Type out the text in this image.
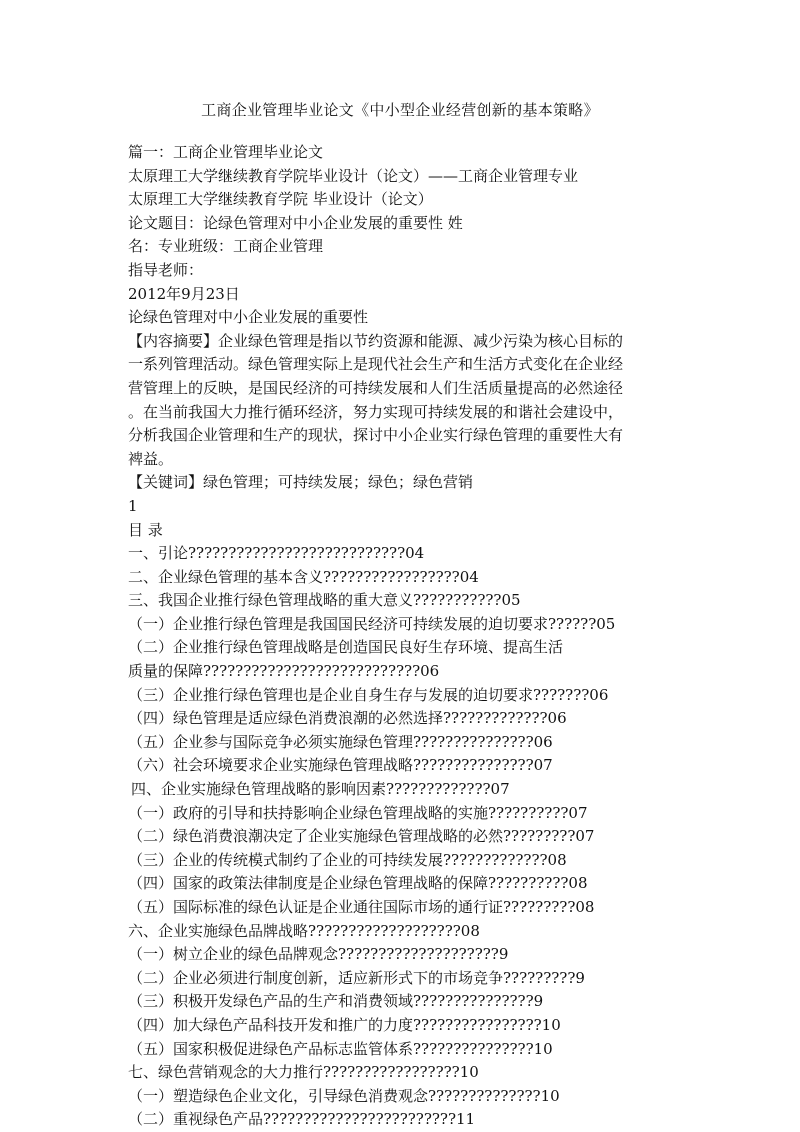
工商企业管理毕业论文《中小型企业经营创新的基本策略》
篇一：工商企业管理毕业论文
太原理工大学继续教育学院毕业设计（论文）——工商企业管理专业
太原理工大学继续教育学院 毕业设计（论文）
论文题目：论绿色管理对中小企业发展的重要性 姓
名：专业班级：工商企业管理
指导老师：
2012年9月23日
论绿色管理对中小企业发展的重要性
【内容摘要】企业绿色管理是指以节约资源和能源、减少污染为核心目标的
一系列管理活动。绿色管理实际上是现代社会生产和生活方式变化在企业经
营管理上的反映，是国民经济的可持续发展和人们生活质量提高的必然途径
。在当前我国大力推行循环经济，努力实现可持续发展的和谐社会建设中，
分析我国企业管理和生产的现状，探讨中小企业实行绿色管理的重要性大有
裨益。
【关键词】绿色管理；可持续发展；绿色；绿色营销
1
目 录
一、引论???????????????????????????04
二、企业绿色管理的基本含义?????????????????04
三、我国企业推行绿色管理战略的重大意义???????????05
（一）企业推行绿色管理是我国国民经济可持续发展的迫切要求??????05
（二）企业推行绿色管理战略是创造国民良好生存环境、提高生活
质量的保障???????????????????????????06
（三）企业推行绿色管理也是企业自身生存与发展的迫切要求???????06
（四）绿色管理是适应绿色消费浪潮的必然选择?????????????06
（五）企业参与国际竞争必须实施绿色管理???????????????06
（六）社会环境要求企业实施绿色管理战略???????????????07
四、企业实施绿色管理战略的影响因素?????????????07
（一）政府的引导和扶持影响企业绿色管理战略的实施??????????07
（二）绿色消费浪潮决定了企业实施绿色管理战略的必然?????????07
（三）企业的传统模式制约了企业的可持续发展?????????????08
（四）国家的政策法律制度是企业绿色管理战略的保障??????????08
（五）国际标准的绿色认证是企业通往国际市场的通行证?????????08
六、企业实施绿色品牌战略???????????????????08
（一）树立企业的绿色品牌观念????????????????????9
（二）企业必须进行制度创新，适应新形式下的市场竞争?????????9
（三）积极开发绿色产品的生产和消费领域???????????????9
（四）加大绿色产品科技开发和推广的力度????????????????10
（五）国家积极促进绿色产品标志监管体系???????????????10
七、绿色营销观念的大力推行?????????????????10
（一）塑造绿色企业文化，引导绿色消费观念??????????????10
（二）重视绿色产品????????????????????????11
